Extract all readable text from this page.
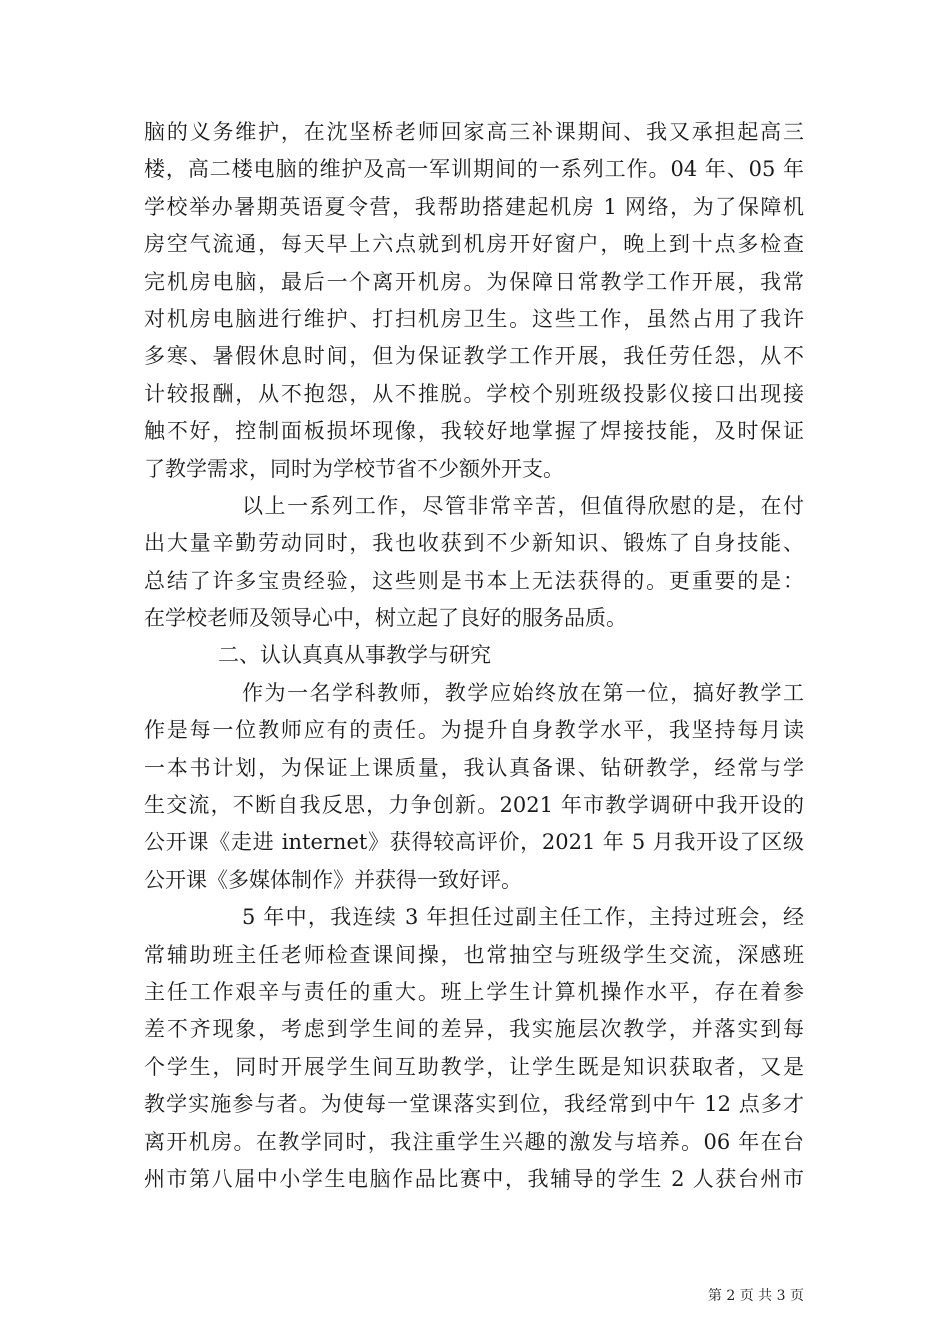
脑的义务维护，在沈坚桥老师回家高三补课期间、我又承担起高三
楼，高二楼电脑的维护及高一军训期间的一系列工作。04 年、05 年
学校举办暑期英语夏令营，我帮助搭建起机房 1 网络，为了保障机
房空气流通，每天早上六点就到机房开好窗户，晚上到十点多检查
完机房电脑，最后一个离开机房。为保障日常教学工作开展，我常
对机房电脑进行维护、打扫机房卫生。这些工作，虽然占用了我许
多寒、暑假休息时间，但为保证教学工作开展，我任劳任怨，从不
计较报酬，从不抱怨，从不推脱。学校个别班级投影仪接口出现接
触不好，控制面板损坏现像，我较好地掌握了焊接技能，及时保证
了教学需求，同时为学校节省不少额外开支。
以上一系列工作，尽管非常辛苦，但值得欣慰的是，在付
出大量辛勤劳动同时，我也收获到不少新知识、锻炼了自身技能、
总结了许多宝贵经验，这些则是书本上无法获得的。更重要的是：
在学校老师及领导心中，树立起了良好的服务品质。
二、认认真真从事教学与研究
作为一名学科教师，教学应始终放在第一位，搞好教学工
作是每一位教师应有的责任。为提升自身教学水平，我坚持每月读
一本书计划，为保证上课质量，我认真备课、钻研教学，经常与学
生交流，不断自我反思，力争创新。2021 年市教学调研中我开设的
公开课《走进 internet》获得较高评价，2021 年 5 月我开设了区级
公开课《多媒体制作》并获得一致好评。
5 年中，我连续 3 年担任过副主任工作，主持过班会，经
常辅助班主任老师检查课间操，也常抽空与班级学生交流，深感班
主任工作艰辛与责任的重大。班上学生计算机操作水平，存在着参
差不齐现象，考虑到学生间的差异，我实施层次教学，并落实到每
个学生，同时开展学生间互助教学，让学生既是知识获取者，又是
教学实施参与者。为使每一堂课落实到位，我经常到中午 12 点多才
离开机房。在教学同时，我注重学生兴趣的激发与培养。06 年在台
州市第八届中小学生电脑作品比赛中，我辅导的学生 2 人获台州市
第 2 页 共 3 页
